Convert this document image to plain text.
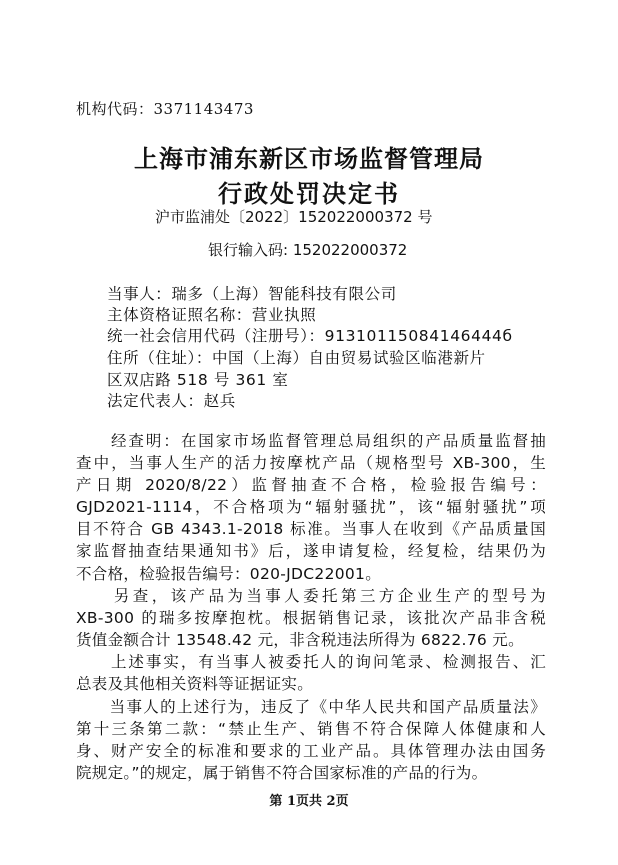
机构代码：3371143473
上海市浦东新区市场监督管理局
行政处罚决定书
沪市监浦处〔2022〕152022000372 号
银行输入码: 152022000372
当事人：瑞多（上海）智能科技有限公司
主体资格证照名称：营业执照
统一社会信用代码（注册号）：91310115084146444б
住所（住址）：中国（上海）自由贸易试验区临港新片
区双店路 518 号 361 室
法定代表人：赵兵
　　经查明：在国家市场监督管理总局组织的产品质量监督抽
查中，当事人生产的活力按摩枕产品（规格型号 XB-300，生
产日期 2020/8/22）监督抽查不合格，检验报告编号：
GJD2021-1114，不合格项为“辐射骚扰”，该“辐射骚扰”项
目不符合 GB 4343.1-2018 标准。当事人在收到《产品质量国
家监督抽查结果通知书》后，遂申请复检，经复检，结果仍为
不合格，检验报告编号：020-JDC22001。
　　另查，该产品为当事人委托第三方企业生产的型号为
XB-300 的瑞多按摩抱枕。根据销售记录，该批次产品非含税
货值金额合计 13548.42 元，非含税违法所得为 6822.76 元。
　　上述事实，有当事人被委托人的询问笔录、检测报告、汇
总表及其他相关资料等证据证实。
　　当事人的上述行为，违反了《中华人民共和国产品质量法》
第十三条第二款：“禁止生产、销售不符合保障人体健康和人
身、财产安全的标准和要求的工业产品。具体管理办法由国务
院规定。”的规定，属于销售不符合国家标准的产品的行为。
第 1页共 2页
